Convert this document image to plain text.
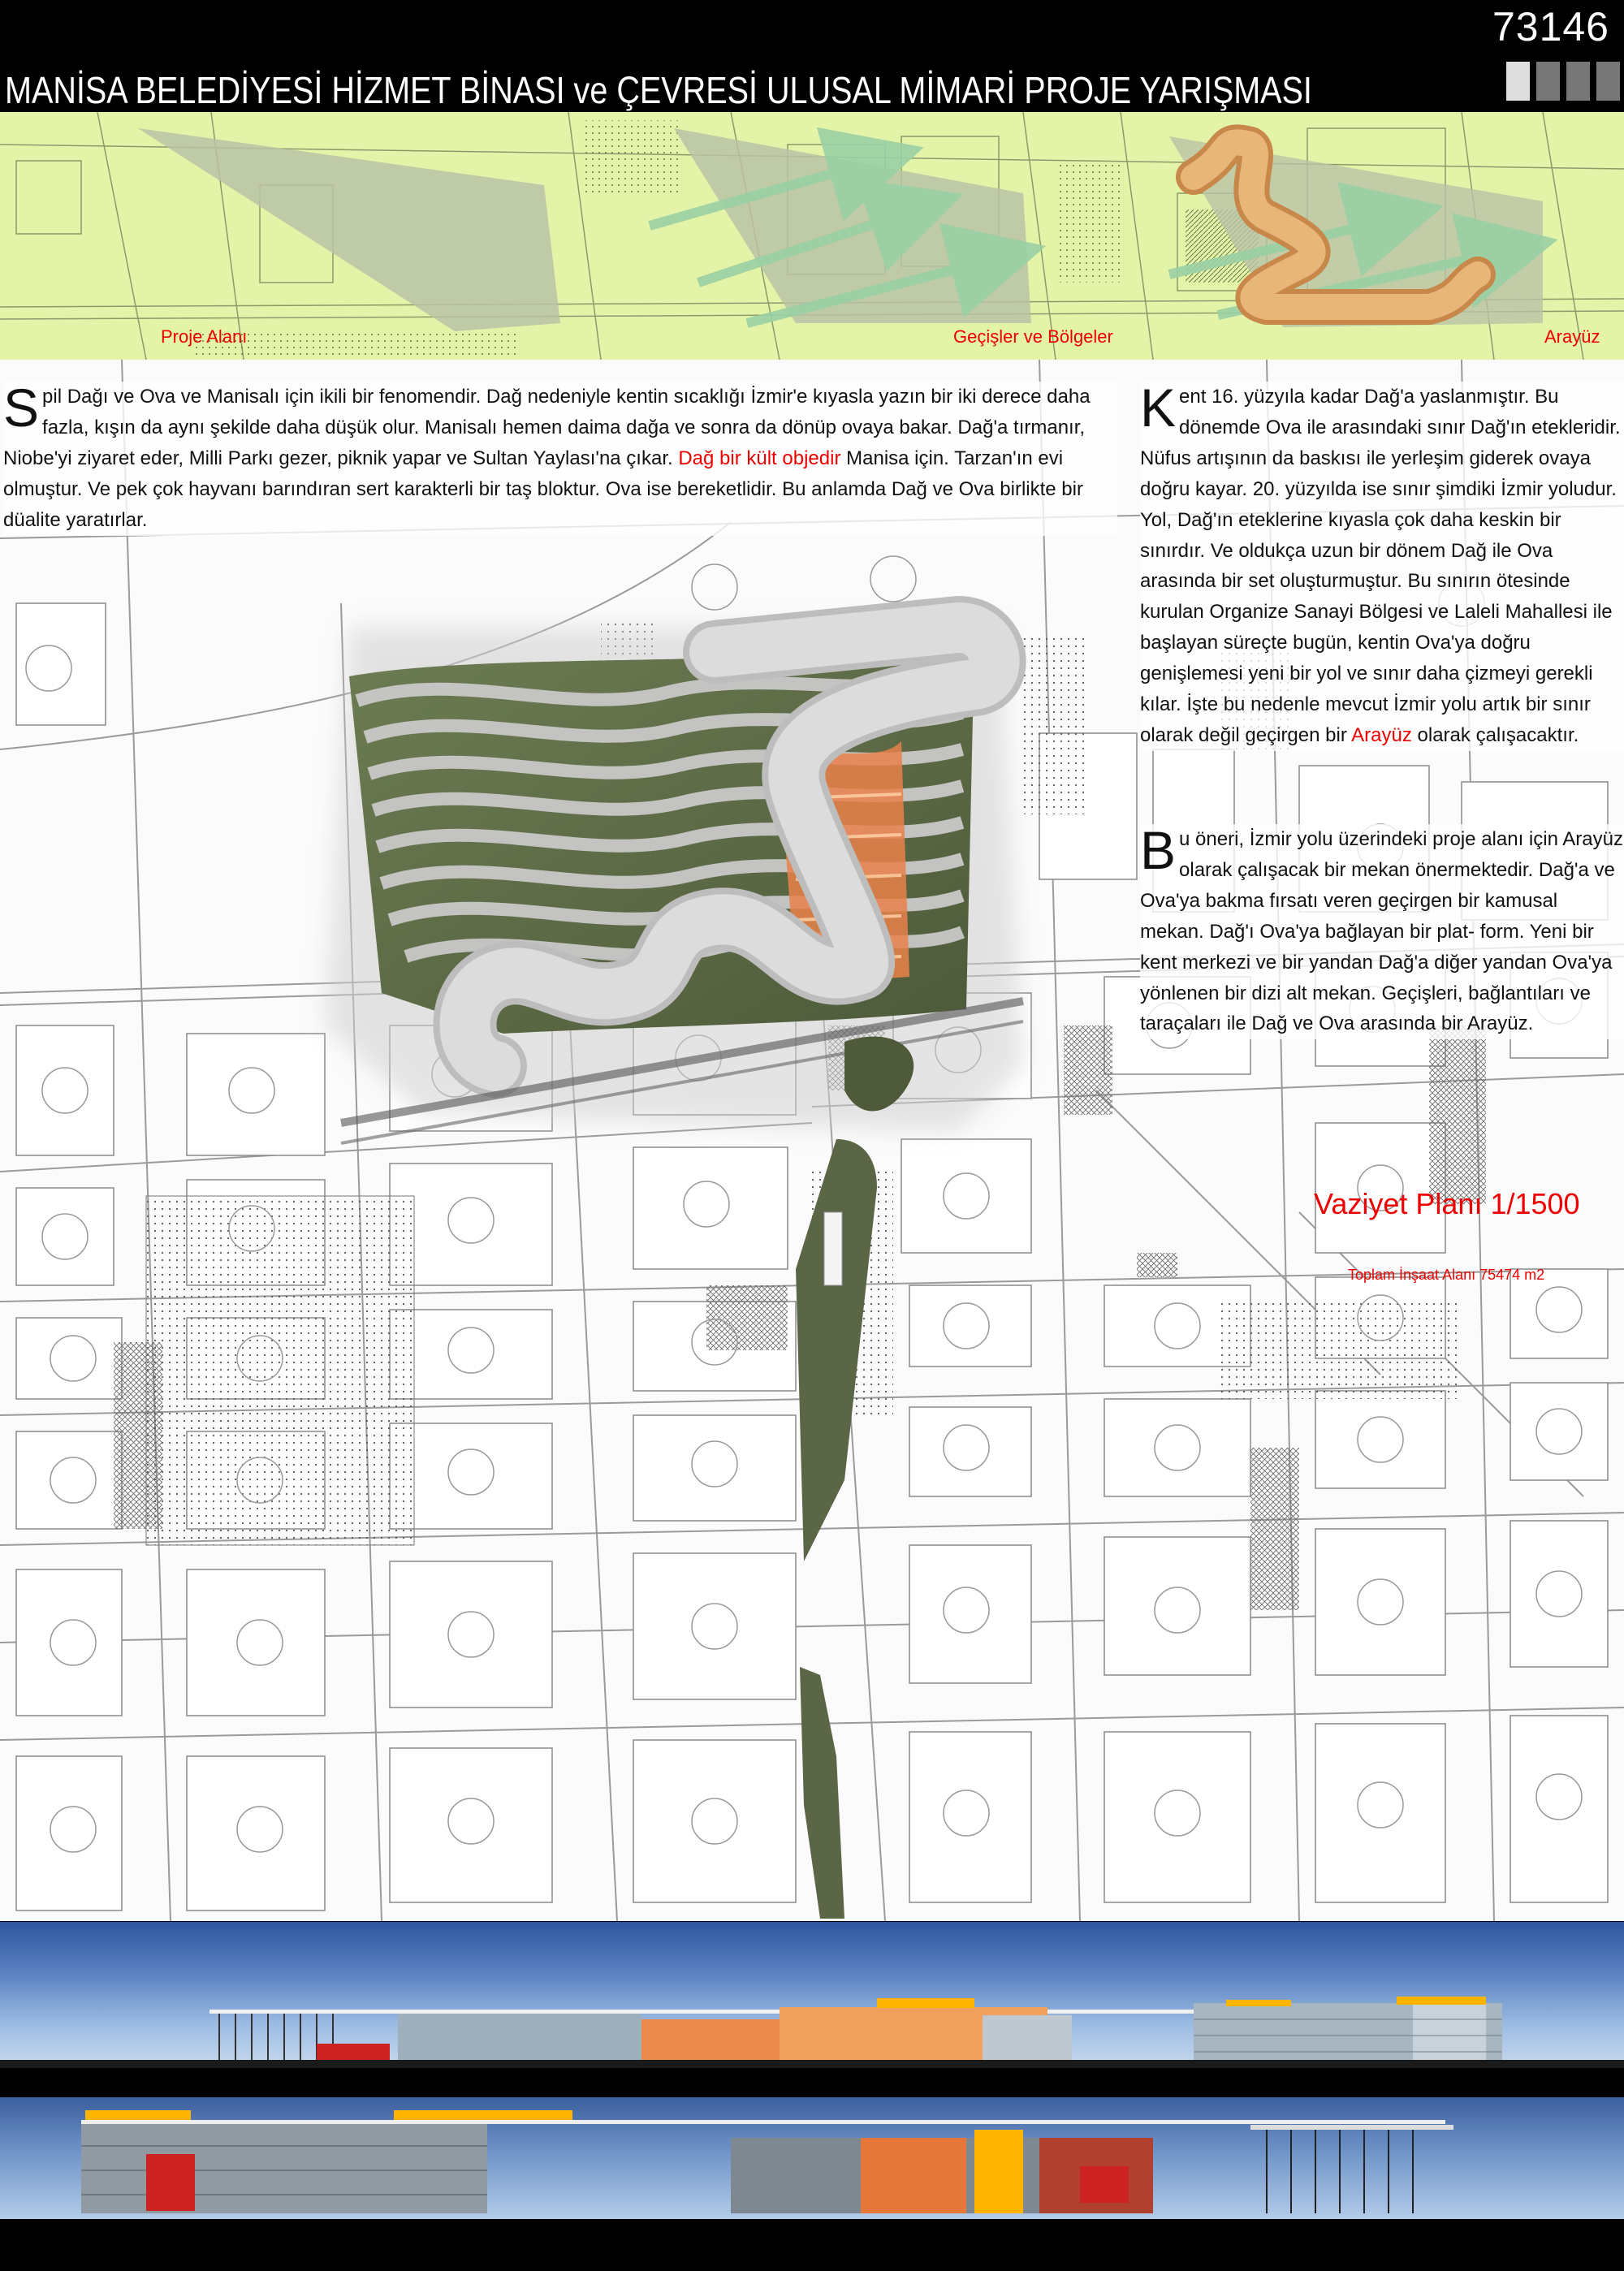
73146
MANİSA BELEDİYESİ HİZMET BİNASI ve ÇEVRESİ ULUSAL MİMARİ PROJE YARIŞMASI
Proje Alanı	Geçişler ve Bölgeler	Arayüz
Spil Dağı ve Ova ve Manisalı için ikili bir fenomendir. Dağ nedeniyle kentin sıcaklığı İzmir'e kıyasla yazın bir iki derece daha fazla, kışın da aynı şekilde daha düşük olur. Manisalı hemen daima dağa ve sonra da dönüp ovaya bakar. Dağ'a tırmanır, Niobe'yi ziyaret eder, Milli Parkı gezer, piknik yapar ve Sultan Yaylası'na çıkar. Dağ bir kült objedir Manisa için. Tarzan'ın evi olmuştur. Ve pek çok hayvanı barındıran sert karakterli bir taş bloktur. Ova ise bereketlidir. Bu anlamda Dağ ve Ova birlikte bir düalite yaratırlar.
Kent 16. yüzyıla kadar Dağ'a yaslanmıştır. Bu dönemde Ova ile arasındaki sınır Dağ'ın etekleridir. Nüfus artışının da baskısı ile yerleşim giderek ovaya doğru kayar. 20. yüzyılda ise sınır şimdiki İzmir yoludur. Yol, Dağ'ın eteklerine kıyasla çok daha keskin bir sınırdır. Ve oldukça uzun bir dönem Dağ ile Ova arasında bir set oluşturmuştur. Bu sınırın ötesinde kurulan Organize Sanayi Bölgesi ve Laleli Mahallesi ile başlayan süreçte bugün, kentin Ova'ya doğru genişlemesi yeni bir yol ve sınır daha çizmeyi gerekli kılar. İşte bu nedenle mevcut İzmir yolu artık bir sınır olarak değil geçirgen bir Arayüz olarak çalışacaktır.
Bu öneri, İzmir yolu üzerindeki proje alanı için Arayüz olarak çalışacak bir mekan önermektedir. Dağ'a ve Ova'ya bakma fırsatı veren geçirgen bir kamusal mekan. Dağ'ı Ova'ya bağlayan bir plat- form. Yeni bir kent merkezi ve bir yandan Dağ'a diğer yandan Ova'ya yönlenen bir dizi alt mekan. Geçişleri, bağlantıları ve taraçaları ile Dağ ve Ova arasında bir Arayüz.
Vaziyet Planı 1/1500
Toplam İnşaat Alanı 75474 m2
